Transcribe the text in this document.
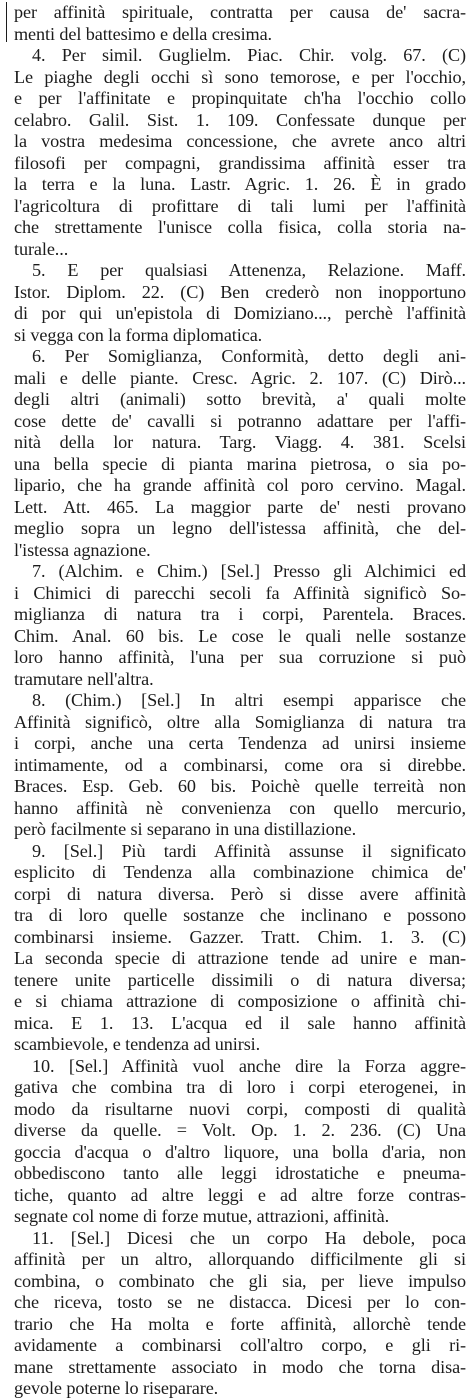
per affinità spirituale, contratta per causa de' sacra-
menti del battesimo e della cresima.
4. Per simil. Guglielm. Piac. Chir. volg. 67. (C)
Le piaghe degli occhi sì sono temorose, e per l'occhio,
e per l'affinitate e propinquitate ch'ha l'occhio collo
celabro. Galil. Sist. 1. 109. Confessate dunque per
la vostra medesima concessione, che avrete anco altri
filosofi per compagni, grandissima affinità esser tra
la terra e la luna. Lastr. Agric. 1. 26. È in grado
l'agricoltura di profittare di tali lumi per l'affinità
che strettamente l'unisce colla fisica, colla storia na-
turale...
5. E per qualsiasi Attenenza, Relazione. Maff.
Istor. Diplom. 22. (C) Ben crederò non inopportuno
di por qui un'epistola di Domiziano..., perchè l'affinità
si vegga con la forma diplomatica.
6. Per Somiglianza, Conformità, detto degli ani-
mali e delle piante. Cresc. Agric. 2. 107. (C) Dirò...
degli altri (animali) sotto brevità, a' quali molte
cose dette de' cavalli si potranno adattare per l'affi-
nità della lor natura. Targ. Viagg. 4. 381. Scelsi
una bella specie di pianta marina pietrosa, o sia po-
lipario, che ha grande affinità col poro cervino. Magal.
Lett. Att. 465. La maggior parte de' nesti provano
meglio sopra un legno dell'istessa affinità, che del-
l'istessa agnazione.
7. (Alchim. e Chim.) [Sel.] Presso gli Alchimici ed
i Chimici di parecchi secoli fa Affinità significò So-
miglianza di natura tra i corpi, Parentela. Braces.
Chim. Anal. 60 bis. Le cose le quali nelle sostanze
loro hanno affinità, l'una per sua corruzione si può
tramutare nell'altra.
8. (Chim.) [Sel.] In altri esempi apparisce che
Affinità significò, oltre alla Somiglianza di natura tra
i corpi, anche una certa Tendenza ad unirsi insieme
intimamente, od a combinarsi, come ora si direbbe.
Braces. Esp. Geb. 60 bis. Poichè quelle terreità non
hanno affinità nè convenienza con quello mercurio,
però facilmente si separano in una distillazione.
9. [Sel.] Più tardi Affinità assunse il significato
esplicito di Tendenza alla combinazione chimica de'
corpi di natura diversa. Però si disse avere affinità
tra di loro quelle sostanze che inclinano e possono
combinarsi insieme. Gazzer. Tratt. Chim. 1. 3. (C)
La seconda specie di attrazione tende ad unire e man-
tenere unite particelle dissimili o di natura diversa;
e si chiama attrazione di composizione o affinità chi-
mica. E 1. 13. L'acqua ed il sale hanno affinità
scambievole, e tendenza ad unirsi.
10. [Sel.] Affinità vuol anche dire la Forza aggre-
gativa che combina tra di loro i corpi eterogenei, in
modo da risultarne nuovi corpi, composti di qualità
diverse da quelle. = Volt. Op. 1. 2. 236. (C) Una
goccia d'acqua o d'altro liquore, una bolla d'aria, non
obbediscono tanto alle leggi idrostatiche e pneuma-
tiche, quanto ad altre leggi e ad altre forze contras-
segnate col nome di forze mutue, attrazioni, affinità.
11. [Sel.] Dicesi che un corpo Ha debole, poca
affinità per un altro, allorquando difficilmente gli si
combina, o combinato che gli sia, per lieve impulso
che riceva, tosto se ne distacca. Dicesi per lo con-
trario che Ha molta e forte affinità, allorchè tende
avidamente a combinarsi coll'altro corpo, e gli ri-
mane strettamente associato in modo che torna disa-
gevole poterne lo riseparare.
